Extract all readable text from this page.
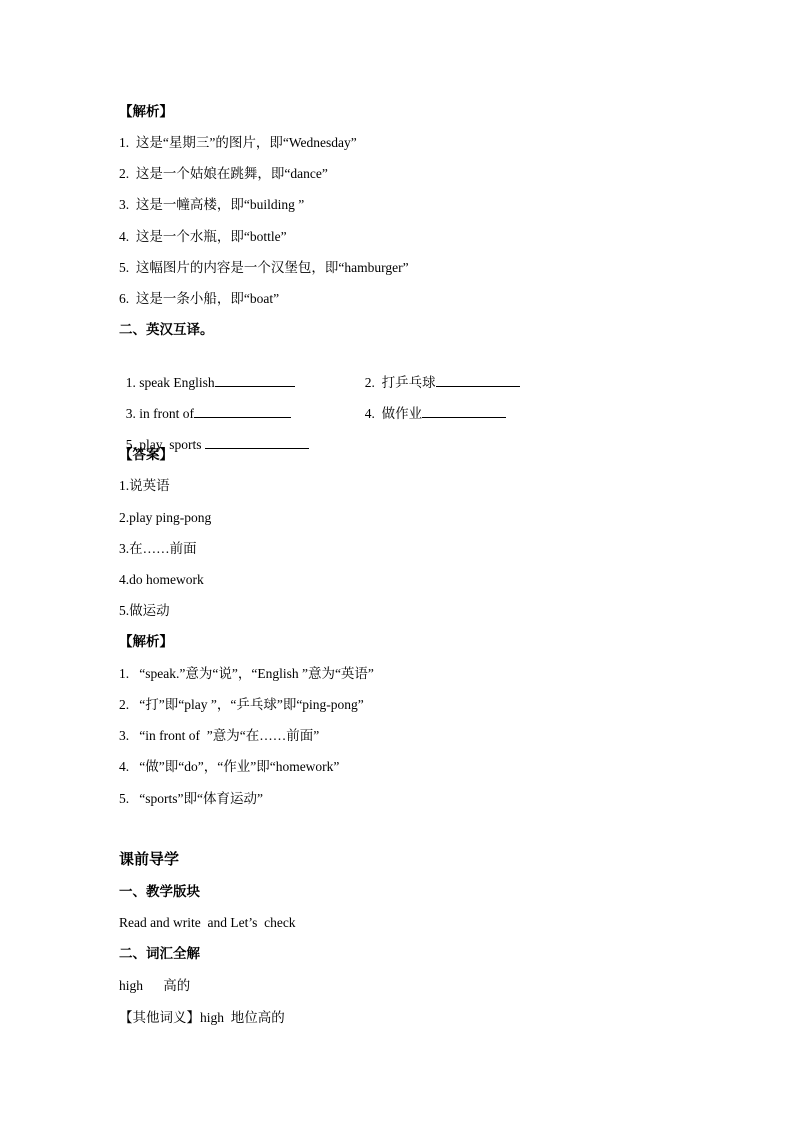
【解析】
1.  这是“星期三”的图片，即“Wednesday”
2.  这是一个姑娘在跳舞，即“dance”
3.  这是一幢高楼，即“building ”
4.  这是一个水瓶，即“bottle”
5.  这幅图片的内容是一个汉堡包，即“hamburger”
6.  这是一条小船，即“boat”
二、英汉互译。

1. speak English	2.  打乒乓球

3. in front of	4.  做作业

5. play  sports

【答案】
1.说英语
2.play ping-pong
3.在……前面
4.do homework
5.做运动
【解析】
1.   “speak.”意为“说”，“English ”意为“英语”
2.   “打”即“play ”，“乒乓球”即“ping-pong”
3.   “in front of  ”意为“在……前面”
4.   “做”即“do”，“作业”即“homework”
5.   “sports”即“体育运动”
课前导学
一、教学版块
Read and write  and Let’s  check
二、词汇全解
high      高的
【其他词义】high  地位高的
